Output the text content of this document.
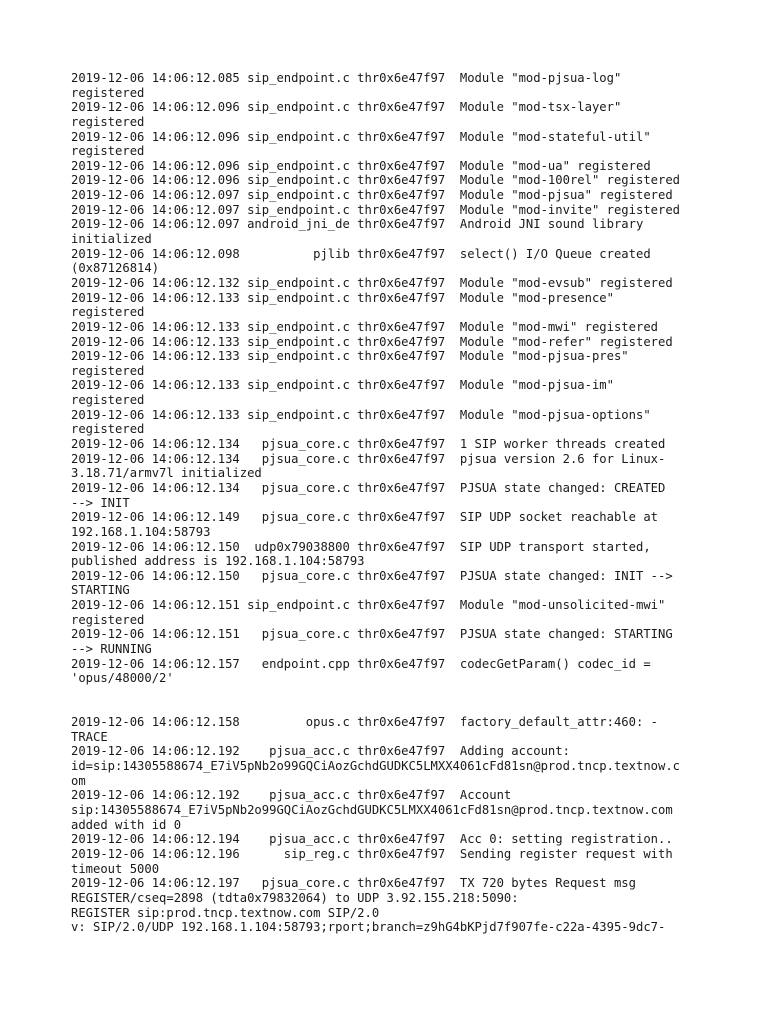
2019-12-06 14:06:12.085 sip_endpoint.c thr0x6e47f97  Module "mod-pjsua-log"
registered
2019-12-06 14:06:12.096 sip_endpoint.c thr0x6e47f97  Module "mod-tsx-layer"
registered
2019-12-06 14:06:12.096 sip_endpoint.c thr0x6e47f97  Module "mod-stateful-util"
registered
2019-12-06 14:06:12.096 sip_endpoint.c thr0x6e47f97  Module "mod-ua" registered
2019-12-06 14:06:12.096 sip_endpoint.c thr0x6e47f97  Module "mod-100rel" registered
2019-12-06 14:06:12.097 sip_endpoint.c thr0x6e47f97  Module "mod-pjsua" registered
2019-12-06 14:06:12.097 sip_endpoint.c thr0x6e47f97  Module "mod-invite" registered
2019-12-06 14:06:12.097 android_jni_de thr0x6e47f97  Android JNI sound library
initialized
2019-12-06 14:06:12.098          pjlib thr0x6e47f97  select() I/O Queue created
(0x87126814)
2019-12-06 14:06:12.132 sip_endpoint.c thr0x6e47f97  Module "mod-evsub" registered
2019-12-06 14:06:12.133 sip_endpoint.c thr0x6e47f97  Module "mod-presence"
registered
2019-12-06 14:06:12.133 sip_endpoint.c thr0x6e47f97  Module "mod-mwi" registered
2019-12-06 14:06:12.133 sip_endpoint.c thr0x6e47f97  Module "mod-refer" registered
2019-12-06 14:06:12.133 sip_endpoint.c thr0x6e47f97  Module "mod-pjsua-pres"
registered
2019-12-06 14:06:12.133 sip_endpoint.c thr0x6e47f97  Module "mod-pjsua-im"
registered
2019-12-06 14:06:12.133 sip_endpoint.c thr0x6e47f97  Module "mod-pjsua-options"
registered
2019-12-06 14:06:12.134   pjsua_core.c thr0x6e47f97  1 SIP worker threads created
2019-12-06 14:06:12.134   pjsua_core.c thr0x6e47f97  pjsua version 2.6 for Linux-
3.18.71/armv7l initialized
2019-12-06 14:06:12.134   pjsua_core.c thr0x6e47f97  PJSUA state changed: CREATED
--> INIT
2019-12-06 14:06:12.149   pjsua_core.c thr0x6e47f97  SIP UDP socket reachable at
192.168.1.104:58793
2019-12-06 14:06:12.150  udp0x79038800 thr0x6e47f97  SIP UDP transport started,
published address is 192.168.1.104:58793
2019-12-06 14:06:12.150   pjsua_core.c thr0x6e47f97  PJSUA state changed: INIT -->
STARTING
2019-12-06 14:06:12.151 sip_endpoint.c thr0x6e47f97  Module "mod-unsolicited-mwi"
registered
2019-12-06 14:06:12.151   pjsua_core.c thr0x6e47f97  PJSUA state changed: STARTING
--> RUNNING
2019-12-06 14:06:12.157   endpoint.cpp thr0x6e47f97  codecGetParam() codec_id =
'opus/48000/2'
2019-12-06 14:06:12.158         opus.c thr0x6e47f97  factory_default_attr:460: -
TRACE
2019-12-06 14:06:12.192    pjsua_acc.c thr0x6e47f97  Adding account:
id=sip:14305588674_E7iV5pNb2o99GQCiAozGchdGUDKC5LMXX4061cFd81sn@prod.tncp.textnow.c
om
2019-12-06 14:06:12.192    pjsua_acc.c thr0x6e47f97  Account
sip:14305588674_E7iV5pNb2o99GQCiAozGchdGUDKC5LMXX4061cFd81sn@prod.tncp.textnow.com
added with id 0
2019-12-06 14:06:12.194    pjsua_acc.c thr0x6e47f97  Acc 0: setting registration..
2019-12-06 14:06:12.196      sip_reg.c thr0x6e47f97  Sending register request with
timeout 5000
2019-12-06 14:06:12.197   pjsua_core.c thr0x6e47f97  TX 720 bytes Request msg
REGISTER/cseq=2898 (tdta0x79832064) to UDP 3.92.155.218:5090:
REGISTER sip:prod.tncp.textnow.com SIP/2.0
v: SIP/2.0/UDP 192.168.1.104:58793;rport;branch=z9hG4bKPjd7f907fe-c22a-4395-9dc7-
